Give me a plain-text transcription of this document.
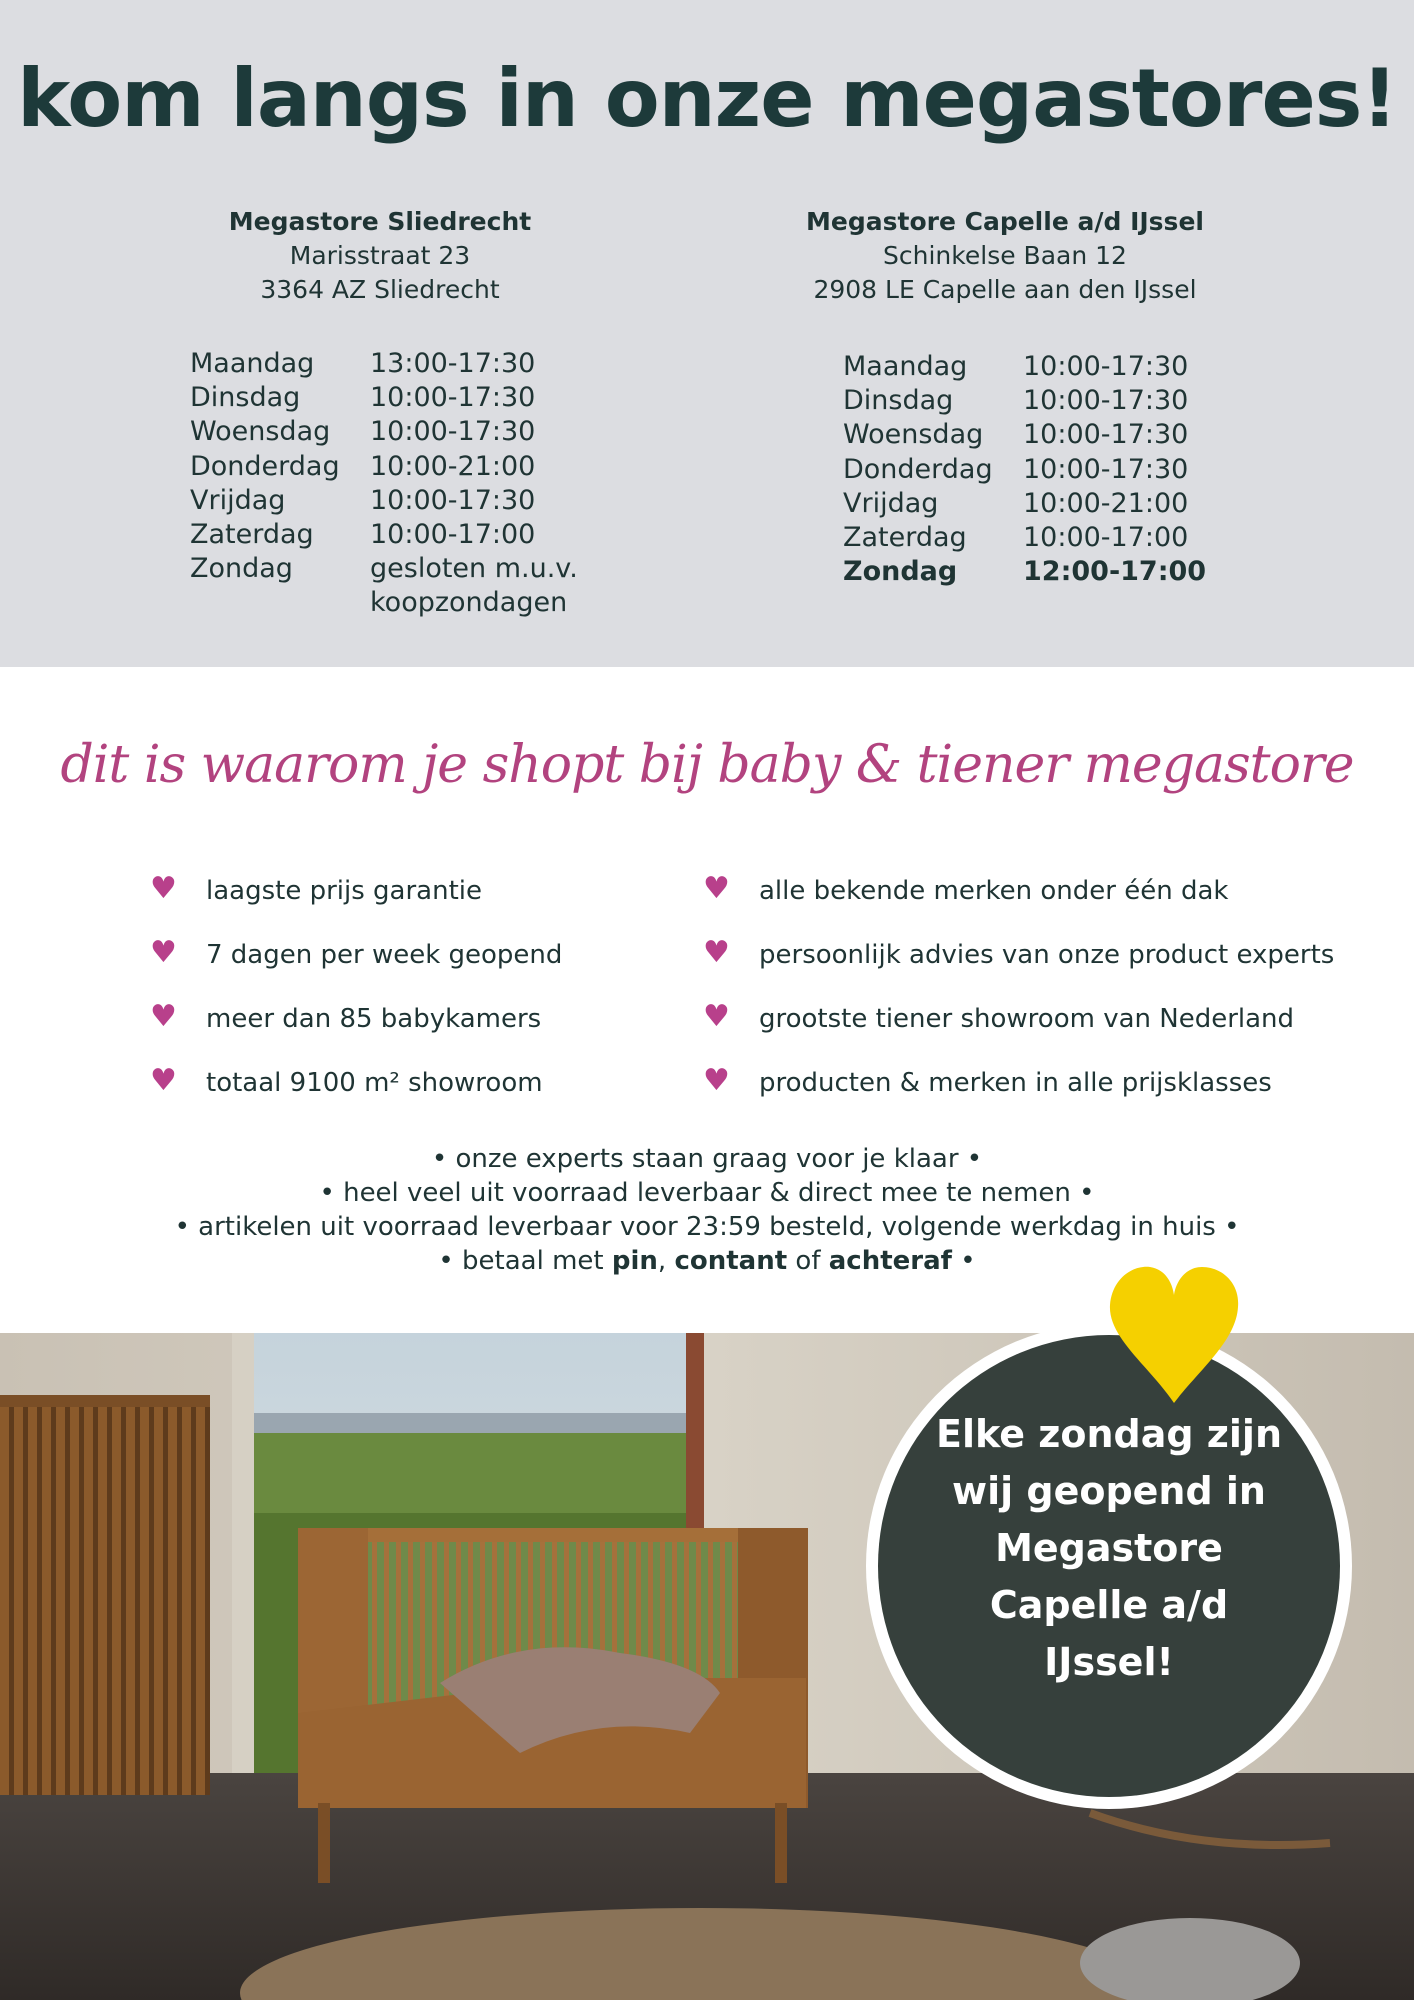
kom langs in onze megastores!
Megastore Sliedrecht
Marisstraat 23
3364 AZ Sliedrecht
Megastore Capelle a/d IJssel
Schinkelse Baan 12
2908 LE Capelle aan den IJssel
Maandag	13:00-17:30
Dinsdag	10:00-17:30
Woensdag	10:00-17:30
Donderdag	10:00-21:00
Vrijdag	10:00-17:30
Zaterdag	10:00-17:00
Zondag	gesloten m.u.v.
koopzondagen
Maandag	10:00-17:30
Dinsdag	10:00-17:30
Woensdag	10:00-17:30
Donderdag	10:00-17:30
Vrijdag	10:00-21:00
Zaterdag	10:00-17:00
Zondag	12:00-17:00
dit is waarom je shopt bij baby & tiener megastore
♥	laagste prijs garantie
♥	7 dagen per week geopend
♥	meer dan 85 babykamers
♥	totaal 9100 m² showroom
♥	alle bekende merken onder één dak
♥	persoonlijk advies van onze product experts
♥	grootste tiener showroom van Nederland
♥	producten & merken in alle prijsklasses
• onze experts staan graag voor je klaar •
• heel veel uit voorraad leverbaar & direct mee te nemen •
• artikelen uit voorraad leverbaar voor 23:59 besteld, volgende werkdag in huis •
• betaal met pin, contant of achteraf •
Elke zondag zijn wij geopend in Megastore Capelle a/d IJssel!
